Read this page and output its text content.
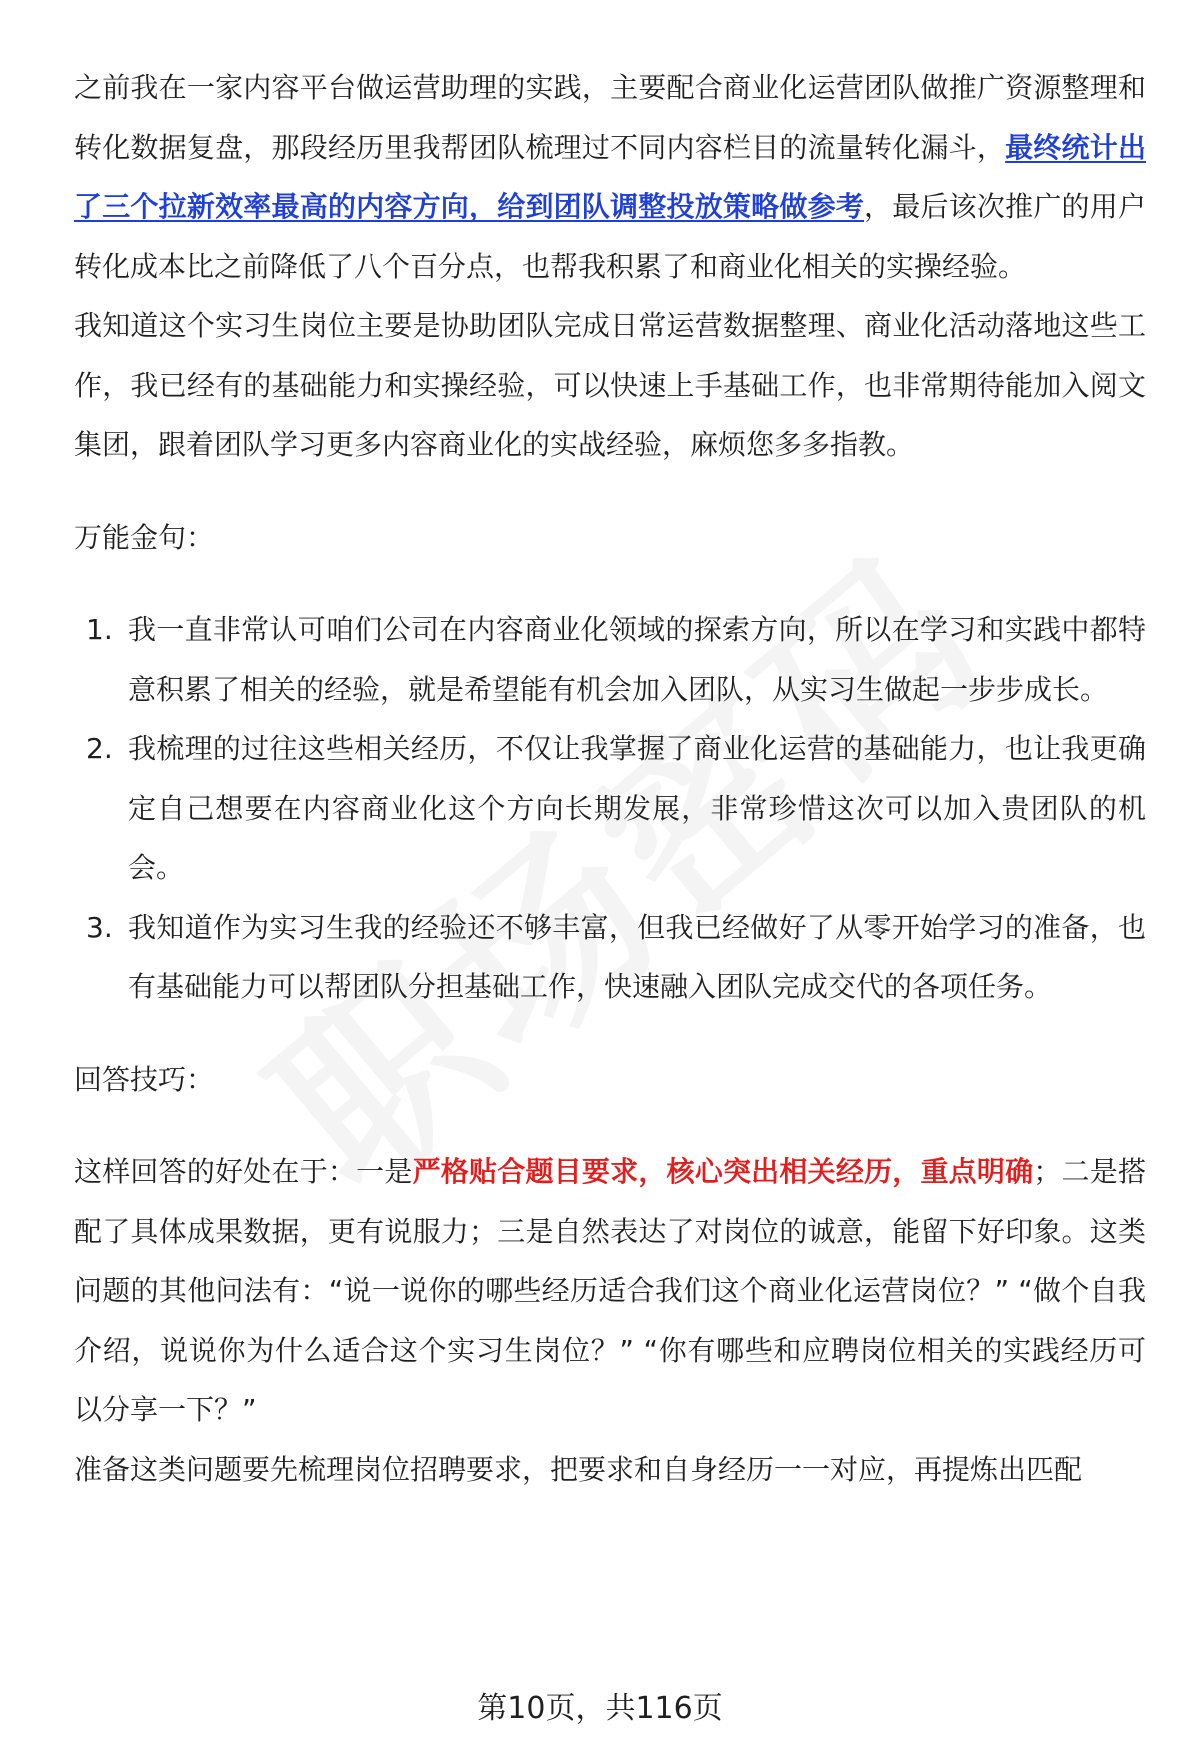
之前我在一家内容平台做运营助理的实践，主要配合商业化运营团队做推广资源整理和转化数据复盘，那段经历里我帮团队梳理过不同内容栏目的流量转化漏斗，最终统计出了三个拉新效率最高的内容方向，给到团队调整投放策略做参考，最后该次推广的用户转化成本比之前降低了八个百分点，也帮我积累了和商业化相关的实操经验。

我知道这个实习生岗位主要是协助团队完成日常运营数据整理、商业化活动落地这些工作，我已经有的基础能力和实操经验，可以快速上手基础工作，也非常期待能加入阅文集团，跟着团队学习更多内容商业化的实战经验，麻烦您多多指教。

万能金句：

1. 我一直非常认可咱们公司在内容商业化领域的探索方向，所以在学习和实践中都特意积累了相关的经验，就是希望能有机会加入团队，从实习生做起一步步成长。
2. 我梳理的过往这些相关经历，不仅让我掌握了商业化运营的基础能力，也让我更确定自己想要在内容商业化这个方向长期发展，非常珍惜这次可以加入贵团队的机会。
3. 我知道作为实习生我的经验还不够丰富，但我已经做好了从零开始学习的准备，也有基础能力可以帮团队分担基础工作，快速融入团队完成交代的各项任务。

回答技巧：

这样回答的好处在于：一是严格贴合题目要求，核心突出相关经历，重点明确；二是搭配了具体成果数据，更有说服力；三是自然表达了对岗位的诚意，能留下好印象。这类问题的其他问法有：“说一说你的哪些经历适合我们这个商业化运营岗位？” “做个自我介绍，说说你为什么适合这个实习生岗位？” “你有哪些和应聘岗位相关的实践经历可以分享一下？”

准备这类问题要先梳理岗位招聘要求，把要求和自身经历一一对应，再提炼出匹配

第10页，共116页
